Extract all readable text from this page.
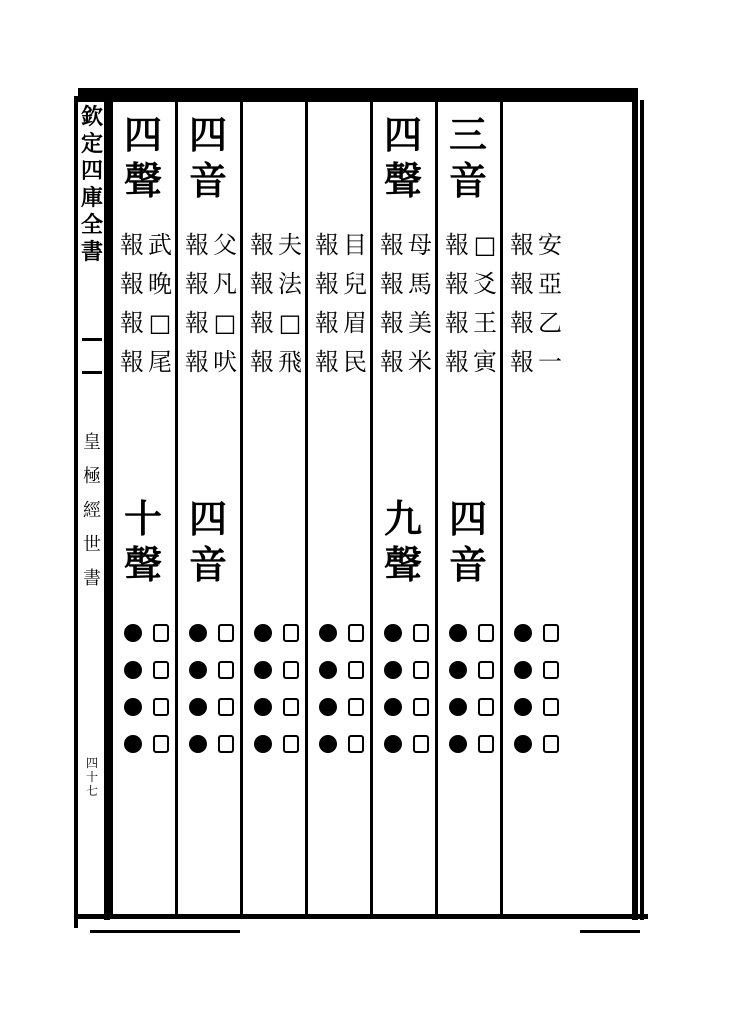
欽定四庫全書
皇極經世書
四十七
安
亞
乙
一
報
報
報
報
三音
四音
□
爻
王
寅
報
報
報
報
四聲
九聲
母
馬
美
米
報
報
報
報
目
兒
眉
民
報
報
報
報
夫
法
□
飛
報
報
報
報
四音
四音
父
凡
□
吠
報
報
報
報
四聲
十聲
武
晚
□
尾
報
報
報
報
